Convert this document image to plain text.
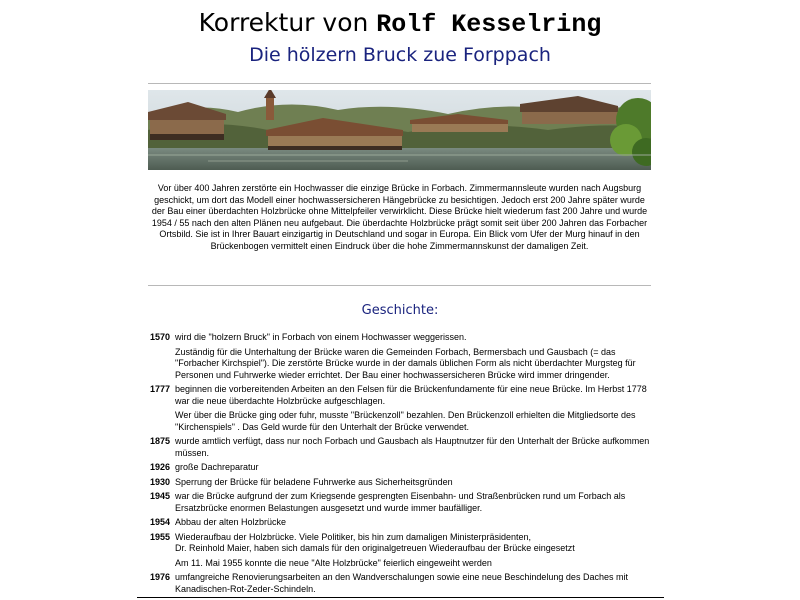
Korrektur von Rolf Kesselring
Die hölzern Bruck zue Forppach
Vor über 400 Jahren zerstörte ein Hochwasser die einzige Brücke in Forbach. Zimmermannsleute wurden nach Augsburg geschickt, um dort das Modell einer hochwassersicheren Hängebrücke zu besichtigen. Jedoch erst 200 Jahre später wurde der Bau einer überdachten Holzbrücke ohne Mittelpfeiler verwirklicht. Diese Brücke hielt wiederum fast 200 Jahre und wurde 1954 / 55 nach den alten Plänen neu aufgebaut. Die überdachte Holzbrücke prägt somit seit über 200 Jahren das Forbacher Ortsbild. Sie ist in Ihrer Bauart einzigartig in Deutschland und sogar in Europa. Ein Blick vom Ufer der Murg hinauf in den Brückenbogen vermittelt einen Eindruck über die hohe Zimmermannskunst der damaligen Zeit.
Geschichte:
1570 wird die "holzern Bruck" in Forbach von einem Hochwasser weggerissen.
Zuständig für die Unterhaltung der Brücke waren die Gemeinden Forbach, Bermersbach und Gausbach (= das "Forbacher Kirchspiel"). Die zerstörte Brücke wurde in der damals üblichen Form als nicht überdachter Murgsteg für Personen und Fuhrwerke wieder errichtet. Der Bau einer hochwassersicheren Brücke wird immer dringender.
1777 beginnen die vorbereitenden Arbeiten an den Felsen für die Brückenfundamente für eine neue Brücke. Im Herbst 1778 war die neue überdachte Holzbrücke aufgeschlagen.
Wer über die Brücke ging oder fuhr, musste "Brückenzoll" bezahlen. Den Brückenzoll erhielten die Mitgliedsorte des "Kirchenspiels" . Das Geld wurde für den Unterhalt der Brücke verwendet.
1875 wurde amtlich verfügt, dass nur noch Forbach und Gausbach als Hauptnutzer für den Unterhalt der Brücke aufkommen müssen.
1926 große Dachreparatur
1930 Sperrung der Brücke für beladene Fuhrwerke aus Sicherheitsgründen
1945 war die Brücke aufgrund der zum Kriegsende gesprengten Eisenbahn- und Straßenbrücken rund um Forbach als Ersatzbrücke enormen Belastungen ausgesetzt und wurde immer baufälliger.
1954 Abbau der alten Holzbrücke
1955 Wiederaufbau der Holzbrücke. Viele Politiker, bis hin zum damaligen Ministerpräsidenten,
Dr. Reinhold Maier, haben sich damals für den originalgetreuen Wiederaufbau der Brücke eingesetzt
Am 11. Mai 1955 konnte die neue "Alte Holzbrücke" feierlich eingeweiht werden
1976 umfangreiche Renovierungsarbeiten an den Wandverschalungen sowie eine neue Beschindelung des Daches mit Kanadischen-Rot-Zeder-Schindeln.
